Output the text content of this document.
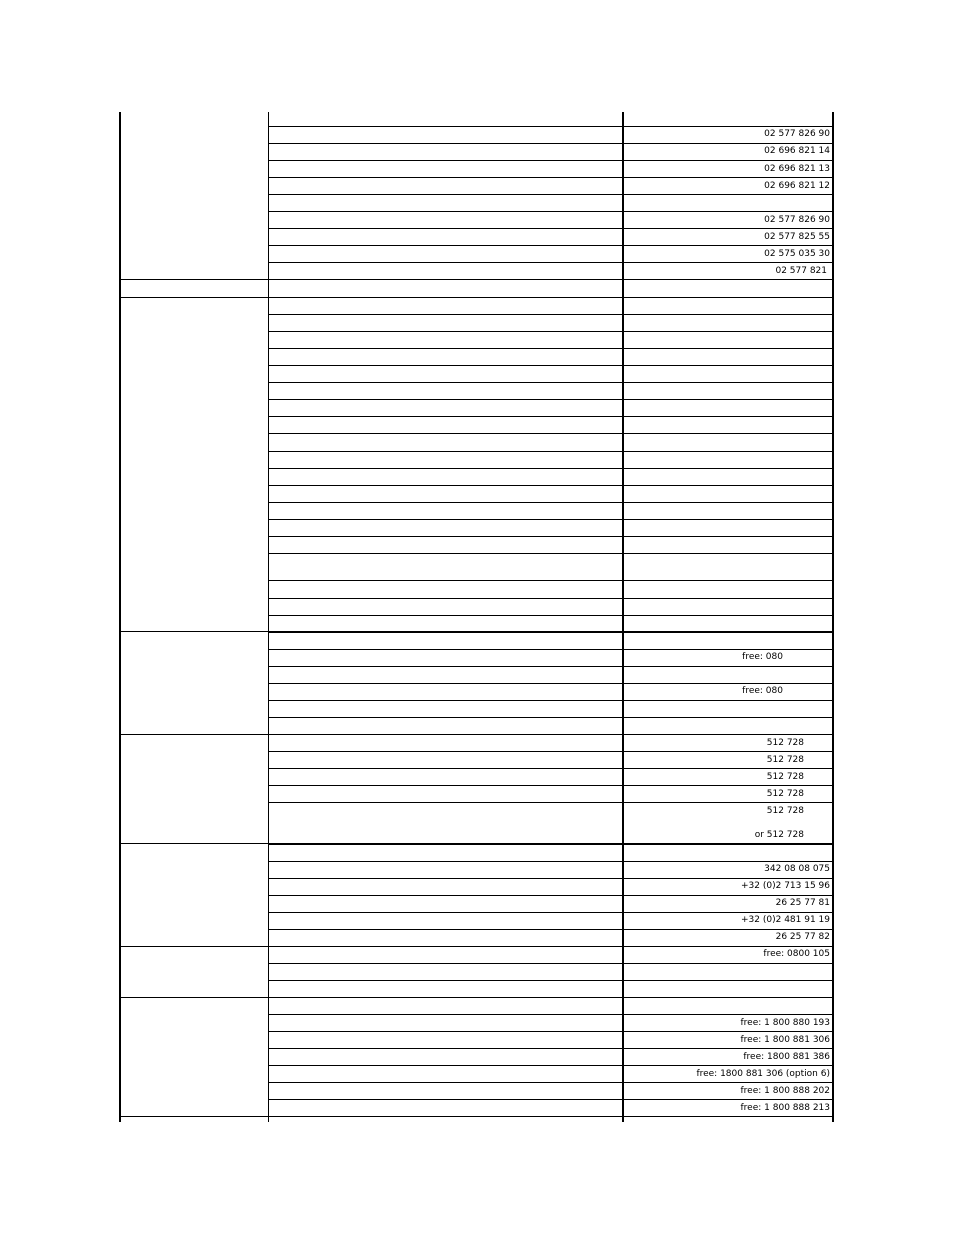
02 577 826 90
02 696 821 14
02 696 821 13
02 696 821 12
02 577 826 90
02 577 825 55
02 575 035 30
02 577 821
free: 080
free: 080
512 728
512 728
512 728
512 728
512 728
or 512 728
342 08 08 075
+32 (0)2 713 15 96
26 25 77 81
+32 (0)2 481 91 19
26 25 77 82
free: 0800 105
free: 1 800 880 193
free: 1 800 881 306
free: 1800 881 386
free: 1800 881 306 (option 6)
free: 1 800 888 202
free: 1 800 888 213
